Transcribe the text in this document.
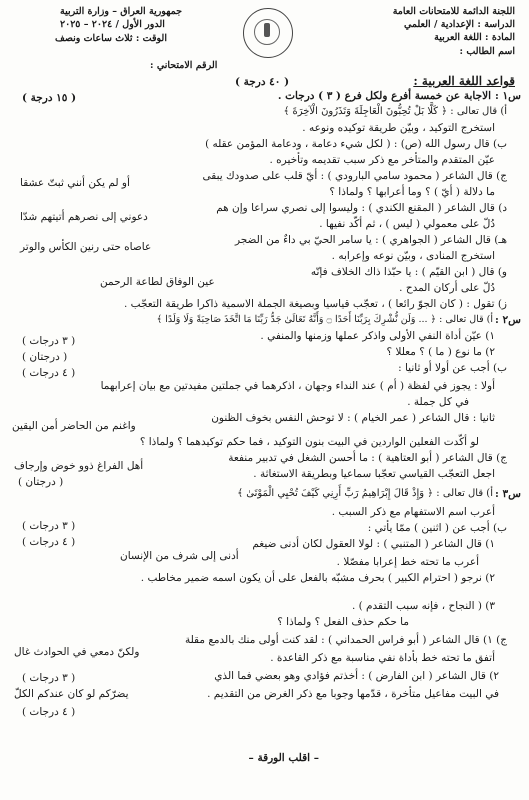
اللجنة الدائمة للامتحانات العامة
الدراسة : الإعدادية / العلمي
المادة : اللغة العربية
اسم الطالب :
جمهورية العراق – وزارة التربية
الدور الأول / ٢٠٢٤ – ٢٠٢٥
الوقت : ثلاث ساعات ونصف
الرقم الامتحاني :
قواعد اللغة العربية :
( ٤٠ درجة )
س١ :
الاجابة عن خمسة أفرع ولكل فرع ( ٣ ) درجات .
( ١٥ درجة )
أ) قال تعالى : ﴿ كَلَّا بَلْ تُحِبُّونَ الْعَاجِلَةَ وَتَذَرُونَ الْآخِرَةَ ﴾
استخرج التوكيد ، وبيّن طريقة توكيده ونوعه .
ب) قال رسول الله (ص) : ( لكل شيء دعامة ، ودعامة المؤمن عقله )
عيّن المتقدم والمتأخر مع ذكر سبب تقديمه وتأخيره .
ج) قال الشاعر ( محمود سامي البارودي ) : أيّ قلب على صدودك يبقى
أو لم يكن أنني ثبتّ عشقا
ما دلالة ( أيّ ) ؟ وما أعرابها ؟ ولماذا ؟
د) قال الشاعر ( المقنع الكندي ) : وليسوا إلى نصري سراعا وإن هم
دعوني إلى نصرهم أتيتهم شدّا
دُلّ على معمولي ( ليس ) ، ثم أكّد نفيها .
هـ) قال الشاعر ( الجواهري ) : يا سامر الحيّ بي داءٌ من الضجر
عاصاه حتى رنين الكأس والوتر
استخرج المنادى ، وبيّن نوعه وإعرابه .
و) قال ( ابن القيّم ) : يا حبّذا ذاك الخلاف فإنّه
عين الوفاق لطاعة الرحمن	دُلّ على أركان المدح .
ز) تقول : ( كان الجوّ رائعا ) ، تعجّب قياسيا وبصيغة الجملة الاسمية ذاكرا طريقة التعجّب .
س٢ :
أ) قال تعالى : ﴿ ... وَلَن نُّشْرِكَ بِرَبِّنَا أَحَدًا ۝ وَأَنَّهُ تَعَالَىٰ جَدُّ رَبِّنَا مَا اتَّخَذَ صَاحِبَةً وَلَا وَلَدًا ﴾
١) عيّن أداة النفي الأولى واذكر عملها وزمنها والمنفي .
( ٣ درجات )
٢) ما نوع ( ما ) ؟ معللا ؟
( درجتان )
( ٤ درجات )	ب) أجب عن أولا أو ثانيا :
أولا : يجوز في لفظة ( أم ) عند النداء وجهان ، اذكرهما في جملتين مفيدتين مع بيان إعرابهما
في كل جملة .
ثانيا : قال الشاعر ( عمر الخيام ) : لا توحش النفس بخوف الظنون
واغنم من الحاضر أمن اليقين
لو أكّدت الفعلين الواردين في البيت بنون التوكيد ، فما حكم توكيدهما ؟ ولماذا ؟
ج) قال الشاعر ( أبو العتاهية ) : ما أحسن الشغل في تدبير منفعة
أهل الفراغ ذوو خوض وإرجاف
اجعل التعجّب القياسي تعجّبا سماعيا وبطريقة الاستغاثة .
( درجتان )
س٣ :
أ) قال تعالى : ﴿ وَإِذْ قَالَ إِبْرَاهِيمُ رَبِّ أَرِنِي كَيْفَ تُحْيِي الْمَوْتَىٰ ﴾
أعرب اسم الاستفهام مع ذكر السبب .
( ٣ درجات )	ب) أجب عن ( اثنين ) ممّا يأتي :
( ٤ درجات )	١) قال الشاعر ( المتنبي ) : لولا العقول لكان أدنى ضيغم
أدنى إلى شرف من الإنسان	أعرب ما تحته خط إعرابا مفصّلا .
٢) نرجو ( احترام الكبير ) بحرف مشبّه بالفعل على أن يكون اسمه ضمير مخاطب .
٣) ( النجاح ، فإنه سبب التقدم ) .
ما حكم حذف الفعل ؟ ولماذا ؟
ج) ١) قال الشاعر ( أبو فراس الحمداني ) : لقد كنت أولى منك بالدمع مقلة
ولكنّ دمعي في الحوادث غال	أتفق ما تحته خط بأداة نفي مناسبة مع ذكر القاعدة .
( ٣ درجات )	٢) قال الشاعر ( ابن الفارض ) : أخذتم فؤادي وهو بعضي فما الذي
يضرّكم لو كان عندكم الكلّ	في البيت مفاعيل متأخرة ، قدّمها وجوبا مع ذكر الغرض من التقديم .
( ٤ درجات )
– اقلب الورقة –
